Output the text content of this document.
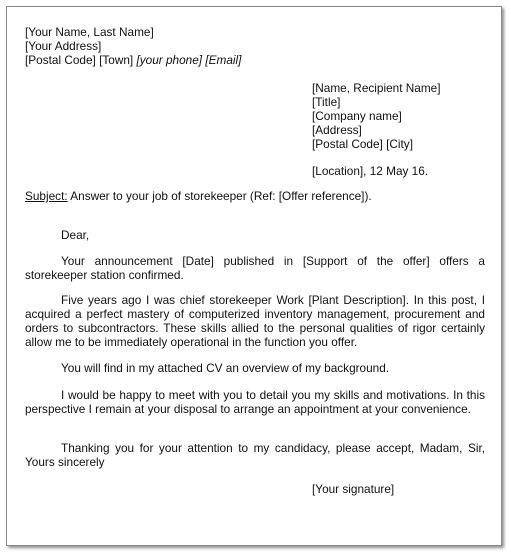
[Your Name, Last Name]
[Your Address]
[Postal Code] [Town] [your phone] [Email]
[Name, Recipient Name]
[Title]
[Company name]
[Address]
[Postal Code] [City]
[Location], 12 May 16.
Subject: Answer to your job of storekeeper (Ref: [Offer reference]).
Dear,
Your announcement [Date] published in [Support of the offer] offers a storekeeper station confirmed.
Five years ago I was chief storekeeper Work [Plant Description]. In this post, I acquired a perfect mastery of computerized inventory management, procurement and orders to subcontractors. These skills allied to the personal qualities of rigor certainly allow me to be immediately operational in the function you offer.
You will find in my attached CV an overview of my background.
I would be happy to meet with you to detail you my skills and motivations. In this perspective I remain at your disposal to arrange an appointment at your convenience.
Thanking you for your attention to my candidacy, please accept, Madam, Sir, Yours sincerely
[Your signature]
